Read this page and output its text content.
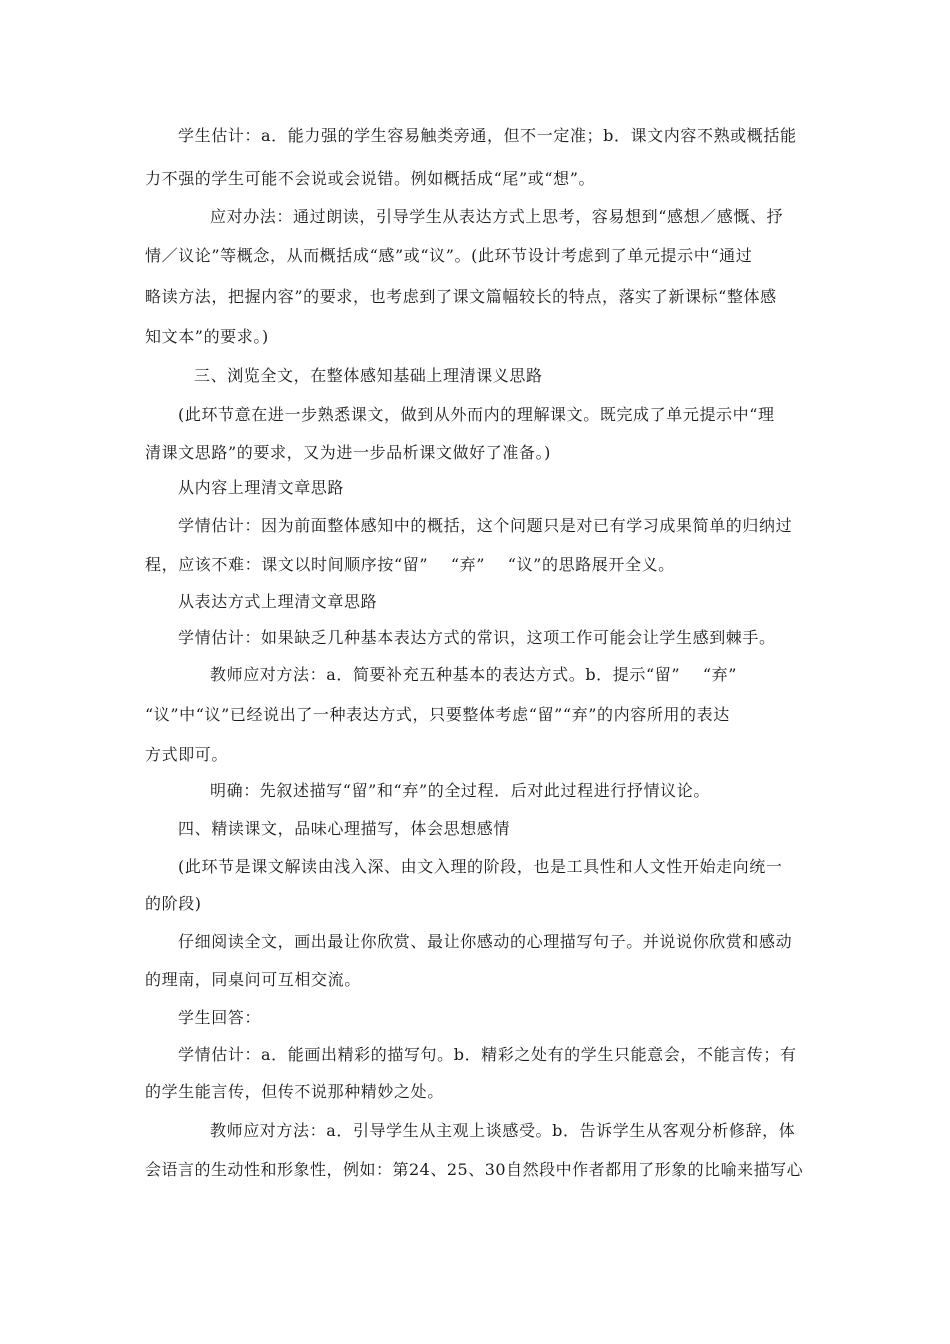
学生估计：a．能力强的学生容易触类旁通，但不一定准；b．课文内容不熟或概括能
力不强的学生可能不会说或会说错。例如概括成“尾”或“想”。
应对办法：通过朗读，引导学生从表达方式上思考，容易想到“感想／感慨、抒
情／议论”等概念，从而概括成“感”或“议”。(此环节设计考虑到了单元提示中“通过
略读方法，把握内容”的要求，也考虑到了课文篇幅较长的特点，落实了新课标“整体感
知文本”的要求。)
三、浏览全文，在整体感知基础上理清课义思路
(此环节意在进一步熟悉课文，做到从外而内的理解课文。既完成了单元提示中“理
清课文思路”的要求，又为进一步品析课文做好了准备。)
从内容上理清文章思路
学情估计：因为前面整体感知中的概括，这个问题只是对已有学习成果简单的归纳过
程，应该不难：课文以时间顺序按“留”    “弃”    “议”的思路展开全义。
从表达方式上理清文章思路
学情估计：如果缺乏几种基本表达方式的常识，这项工作可能会让学生感到棘手。
教师应对方法：a．简要补充五种基本的表达方式。b．提示“留”    “弃”
“议”中“议”已经说出了一种表达方式，只要整体考虑“留”“弃”的内容所用的表达
方式即可。
明确：先叙述描写“留”和“弃”的全过程．后对此过程进行抒情议论。
四、精读课文，品味心理描写，体会思想感情
(此环节是课文解读由浅入深、由文入理的阶段，也是工具性和人文性开始走向统一
的阶段)
仔细阅读全文，画出最让你欣赏、最让你感动的心理描写句子。并说说你欣赏和感动
的理南，同桌问可互相交流。
学生回答：
学情估计：a．能画出精彩的描写句。b．精彩之处有的学生只能意会，不能言传；有
的学生能言传，但传不说那种精妙之处。
教师应对方法：a．引导学生从主观上谈感受。b．告诉学生从客观分析修辞，体
会语言的生动性和形象性，例如：第24、25、30自然段中作者都用了形象的比喻来描写心
